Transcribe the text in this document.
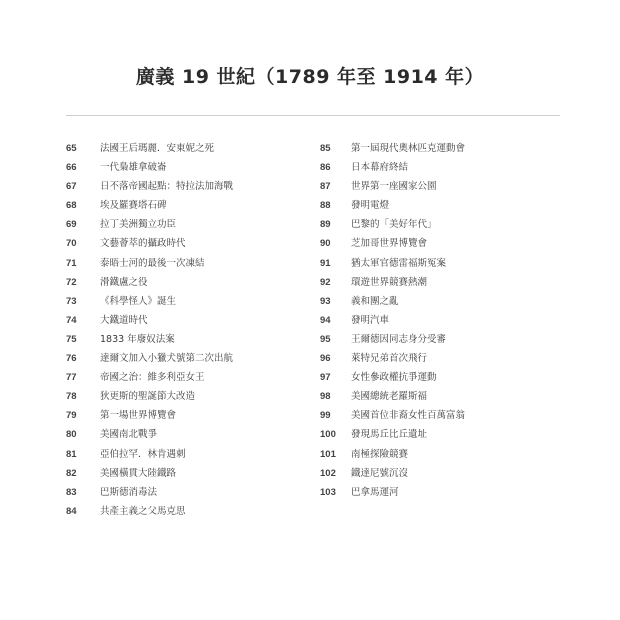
廣義 19 世紀（1789 年至 1914 年）
65	法國王后瑪麗．安東妮之死
66	一代梟雄拿破崙
67	日不落帝國起點：特拉法加海戰
68	埃及羅賽塔石碑
69	拉丁美洲獨立功臣
70	文藝薈萃的攝政時代
71	泰晤士河的最後一次凍結
72	滑鐵盧之役
73	《科學怪人》誕生
74	大鐵道時代
75	1833 年廢奴法案
76	達爾文加入小獵犬號第二次出航
77	帝國之治：維多利亞女王
78	狄更斯的聖誕節大改造
79	第一場世界博覽會
80	美國南北戰爭
81	亞伯拉罕．林肯遇刺
82	美國橫貫大陸鐵路
83	巴斯德消毒法
84	共產主義之父馬克思
85	第一屆現代奧林匹克運動會
86	日本幕府終結
87	世界第一座國家公園
88	發明電燈
89	巴黎的「美好年代」
90	芝加哥世界博覽會
91	猶太軍官德雷福斯冤案
92	環遊世界競賽熱潮
93	義和團之亂
94	發明汽車
95	王爾德因同志身分受審
96	萊特兄弟首次飛行
97	女性參政權抗爭運動
98	美國總統老羅斯福
99	美國首位非裔女性百萬富翁
100	發現馬丘比丘遺址
101	南極探險競賽
102	鐵達尼號沉沒
103	巴拿馬運河
